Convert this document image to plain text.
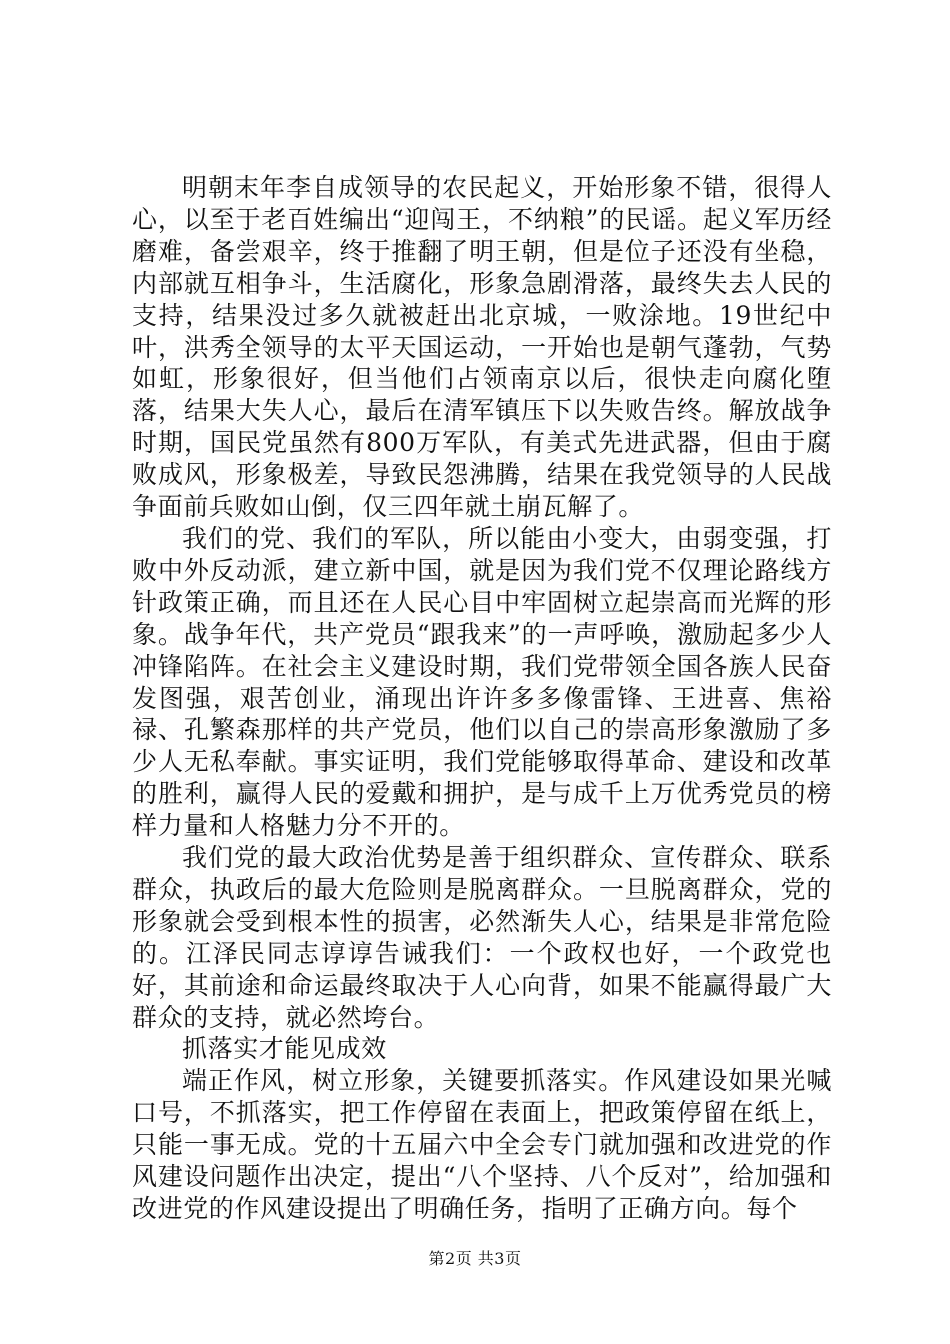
明朝末年李自成领导的农民起义，开始形象不错，很得人心，以至于老百姓编出“迎闯王，不纳粮”的民谣。起义军历经磨难，备尝艰辛，终于推翻了明王朝，但是位子还没有坐稳，内部就互相争斗，生活腐化，形象急剧滑落，最终失去人民的支持，结果没过多久就被赶出北京城，一败涂地。19世纪中叶，洪秀全领导的太平天国运动，一开始也是朝气蓬勃，气势如虹，形象很好，但当他们占领南京以后，很快走向腐化堕落，结果大失人心，最后在清军镇压下以失败告终。解放战争时期，国民党虽然有800万军队，有美式先进武器，但由于腐败成风，形象极差，导致民怨沸腾，结果在我党领导的人民战争面前兵败如山倒，仅三四年就土崩瓦解了。

我们的党、我们的军队，所以能由小变大，由弱变强，打败中外反动派，建立新中国，就是因为我们党不仅理论路线方针政策正确，而且还在人民心目中牢固树立起崇高而光辉的形象。战争年代，共产党员“跟我来”的一声呼唤，激励起多少人冲锋陷阵。在社会主义建设时期，我们党带领全国各族人民奋发图强，艰苦创业，涌现出许许多多像雷锋、王进喜、焦裕禄、孔繁森那样的共产党员，他们以自己的崇高形象激励了多少人无私奉献。事实证明，我们党能够取得革命、建设和改革的胜利，赢得人民的爱戴和拥护，是与成千上万优秀党员的榜样力量和人格魅力分不开的。

我们党的最大政治优势是善于组织群众、宣传群众、联系群众，执政后的最大危险则是脱离群众。一旦脱离群众，党的形象就会受到根本性的损害，必然渐失人心，结果是非常危险的。江泽民同志谆谆告诫我们：一个政权也好，一个政党也好，其前途和命运最终取决于人心向背，如果不能赢得最广大群众的支持，就必然垮台。

抓落实才能见成效

端正作风，树立形象，关键要抓落实。作风建设如果光喊口号，不抓落实，把工作停留在表面上，把政策停留在纸上，只能一事无成。党的十五届六中全会专门就加强和改进党的作风建设问题作出决定，提出“八个坚持、八个反对”，给加强和改进党的作风建设提出了明确任务，指明了正确方向。每个

第2页 共3页
